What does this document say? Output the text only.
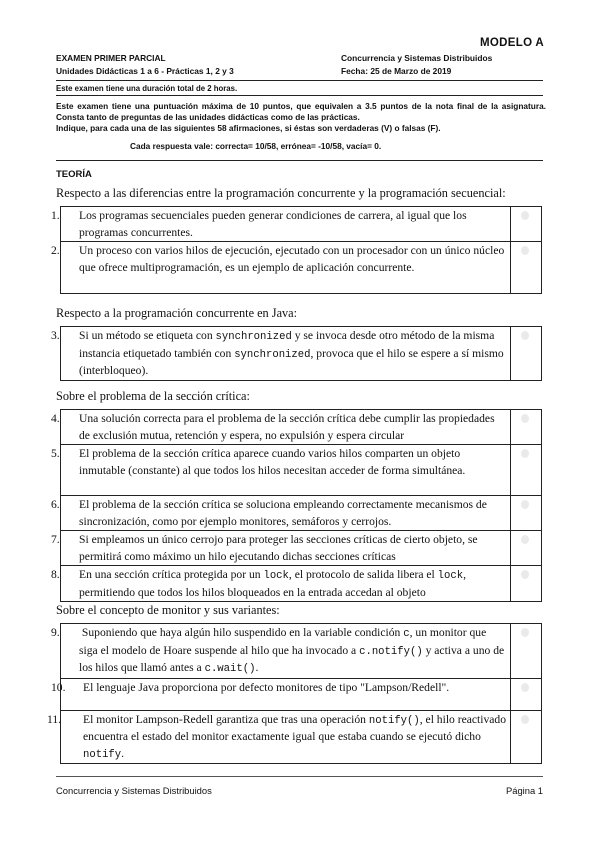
MODELO A
EXAMEN PRIMER PARCIAL
Unidades Didácticas 1 a 6 - Prácticas 1, 2 y 3
Concurrencia y Sistemas Distribuidos
Fecha: 25 de Marzo de 2019
Este examen tiene una duración total de 2 horas.
Este examen tiene una puntuación máxima de 10 puntos, que equivalen a 3.5 puntos de la nota final de la asignatura. Consta tanto de preguntas de las unidades didácticas como de las prácticas.
Indique, para cada una de las siguientes 58 afirmaciones, si éstas son verdaderas (V) o falsas (F).
Cada respuesta vale: correcta= 10/58, errónea= -10/58, vacía= 0.
TEORÍA
Respecto a las diferencias entre la programación concurrente y la programación secuencial:
1. Los programas secuenciales pueden generar condiciones de carrera, al igual que los programas concurrentes.	

2. Un proceso con varios hilos de ejecución, ejecutado con un procesador con un único núcleo que ofrece multiprogramación, es un ejemplo de aplicación concurrente.	

Respecto a la programación concurrente en Java:
3. Si un método se etiqueta con synchronized y se invoca desde otro método de la misma instancia etiquetado también con synchronized, provoca que el hilo se espere a sí mismo (interbloqueo).

Sobre el problema de la sección crítica:
4. Una solución correcta para el problema de la sección crítica debe cumplir las propiedades de exclusión mutua, retención y espera, no expulsión y espera circular	

5. El problema de la sección crítica aparece cuando varios hilos comparten un objeto inmutable (constante) al que todos los hilos necesitan acceder de forma simultánea.	

6. El problema de la sección crítica se soluciona empleando correctamente mecanismos de sincronización, como por ejemplo monitores, semáforos y cerrojos.	

7. Si empleamos un único cerrojo para proteger las secciones críticas de cierto objeto, se permitirá como máximo un hilo ejecutando dichas secciones críticas	

8. En una sección crítica protegida por un lock, el protocolo de salida libera el lock, permitiendo que todos los hilos bloqueados en la entrada accedan al objeto	

Sobre el concepto de monitor y sus variantes:
9. Suponiendo que haya algún hilo suspendido en la variable condición c, un monitor que siga el modelo de Hoare suspende al hilo que ha invocado a c.notify() y activa a uno de los hilos que llamó antes a c.wait().	

10. El lenguaje Java proporciona por defecto monitores de tipo "Lampson/Redell".	

11. El monitor Lampson-Redell garantiza que tras una operación notify(), el hilo reactivado encuentra el estado del monitor exactamente igual que estaba cuando se ejecutó dicho notify.	

Concurrencia y Sistemas Distribuidos	Página 1
